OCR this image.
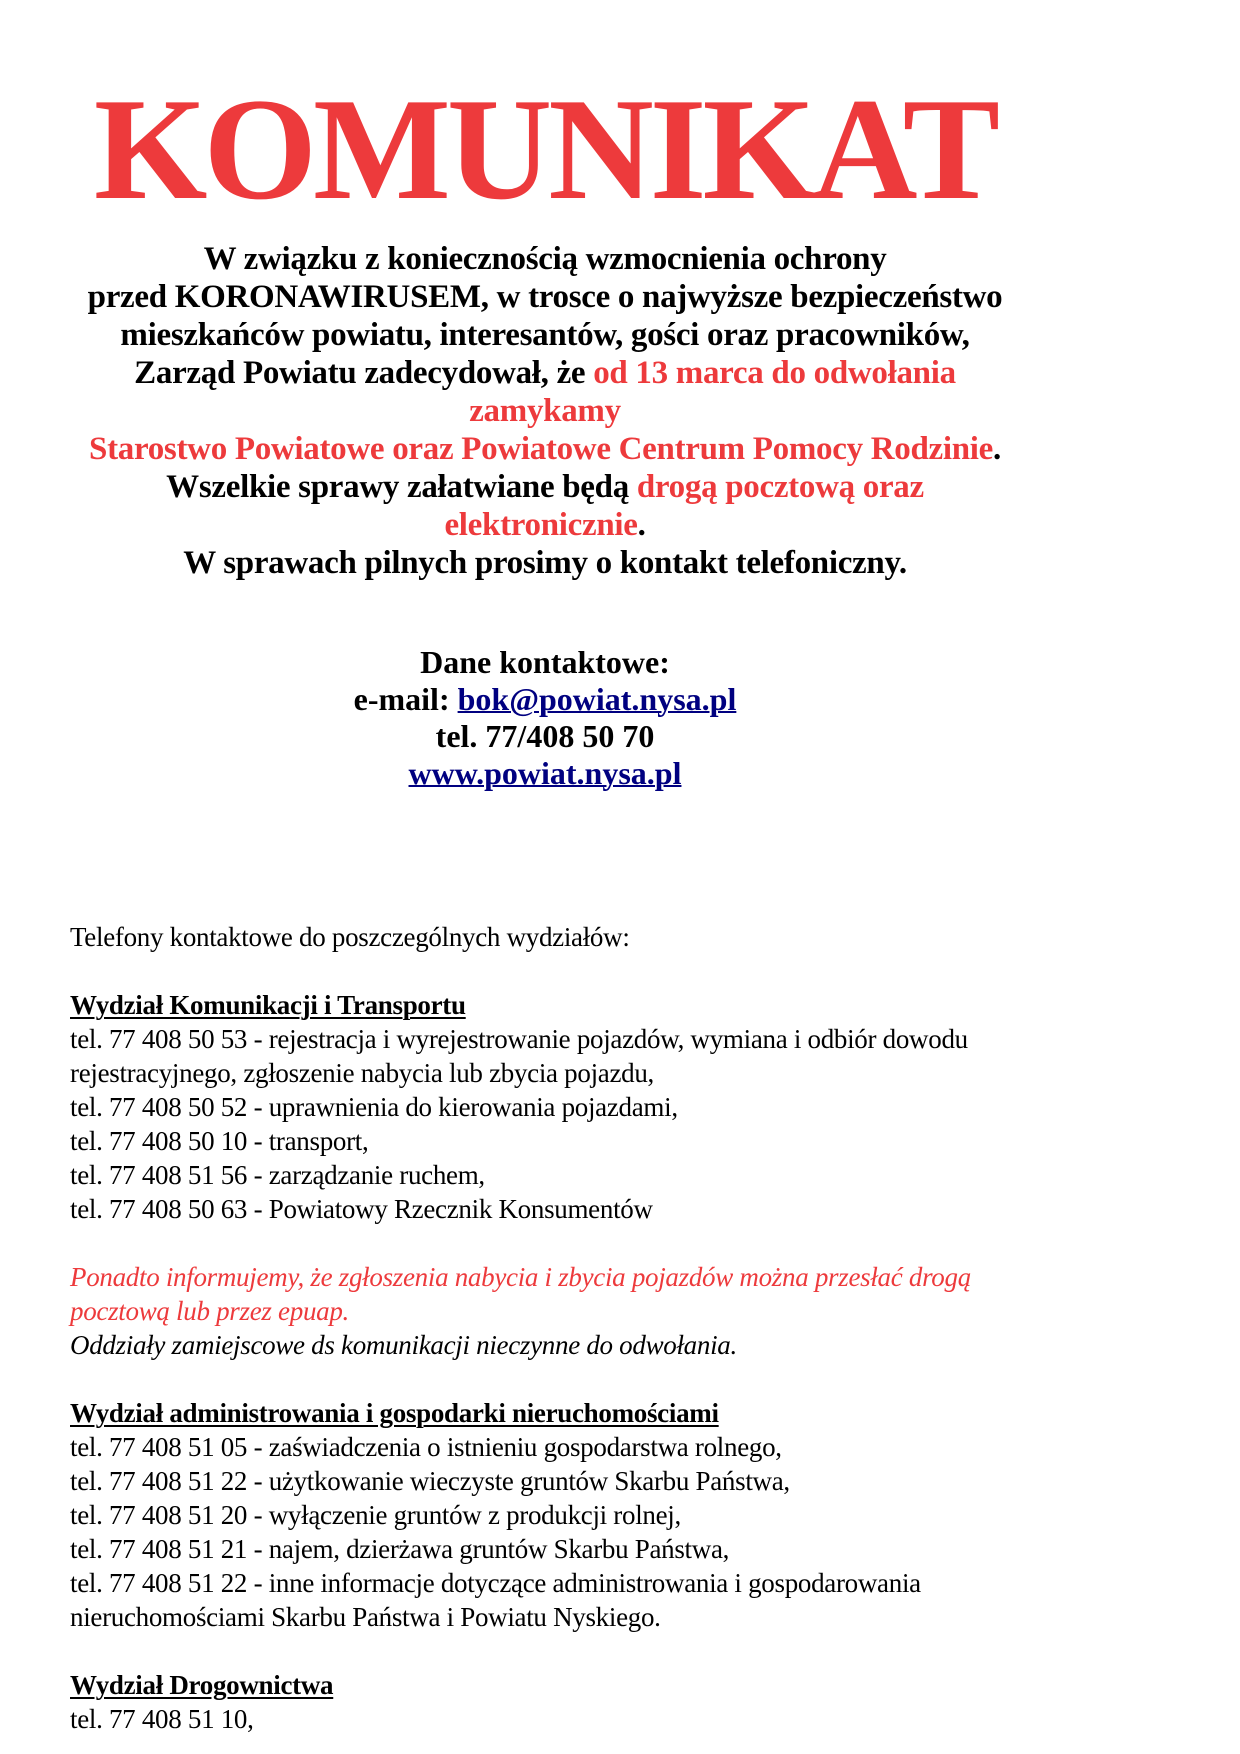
KOMUNIKAT
W związku z koniecznością wzmocnienia ochrony
przed KORONAWIRUSEM, w trosce o najwyższe bezpieczeństwo
mieszkańców powiatu, interesantów, gości oraz pracowników,
Zarząd Powiatu zadecydował, że od 13 marca do odwołania zamykamy
Starostwo Powiatowe oraz Powiatowe Centrum Pomocy Rodzinie.
Wszelkie sprawy załatwiane będą drogą pocztową oraz elektronicznie.
W sprawach pilnych prosimy o kontakt telefoniczny.
Dane kontaktowe:
e-mail: bok@powiat.nysa.pl
tel. 77/408 50 70
www.powiat.nysa.pl

Telefony kontaktowe do poszczególnych wydziałów:

Wydział Komunikacji i Transportu
tel. 77 408 50 53 - rejestracja i wyrejestrowanie pojazdów, wymiana i odbiór dowodu
rejestracyjnego, zgłoszenie nabycia lub zbycia pojazdu,
tel. 77 408 50 52 - uprawnienia do kierowania pojazdami,
tel. 77 408 50 10 - transport,
tel. 77 408 51 56 - zarządzanie ruchem,
tel. 77 408 50 63 - Powiatowy Rzecznik Konsumentów
Ponadto informujemy, że zgłoszenia nabycia i zbycia pojazdów można przesłać drogą
pocztową lub przez epuap.
Oddziały zamiejscowe ds komunikacji nieczynne do odwołania.
Wydział administrowania i gospodarki nieruchomościami
tel. 77 408 51 05 - zaświadczenia o istnieniu gospodarstwa rolnego,
tel. 77 408 51 22 - użytkowanie wieczyste gruntów Skarbu Państwa,
tel. 77 408 51 20 - wyłączenie gruntów z produkcji rolnej,
tel. 77 408 51 21 - najem, dzierżawa gruntów Skarbu Państwa,
tel. 77 408 51 22 - inne informacje dotyczące administrowania i gospodarowania
nieruchomościami Skarbu Państwa i Powiatu Nyskiego.
Wydział Drogownictwa
tel. 77 408 51 10,
